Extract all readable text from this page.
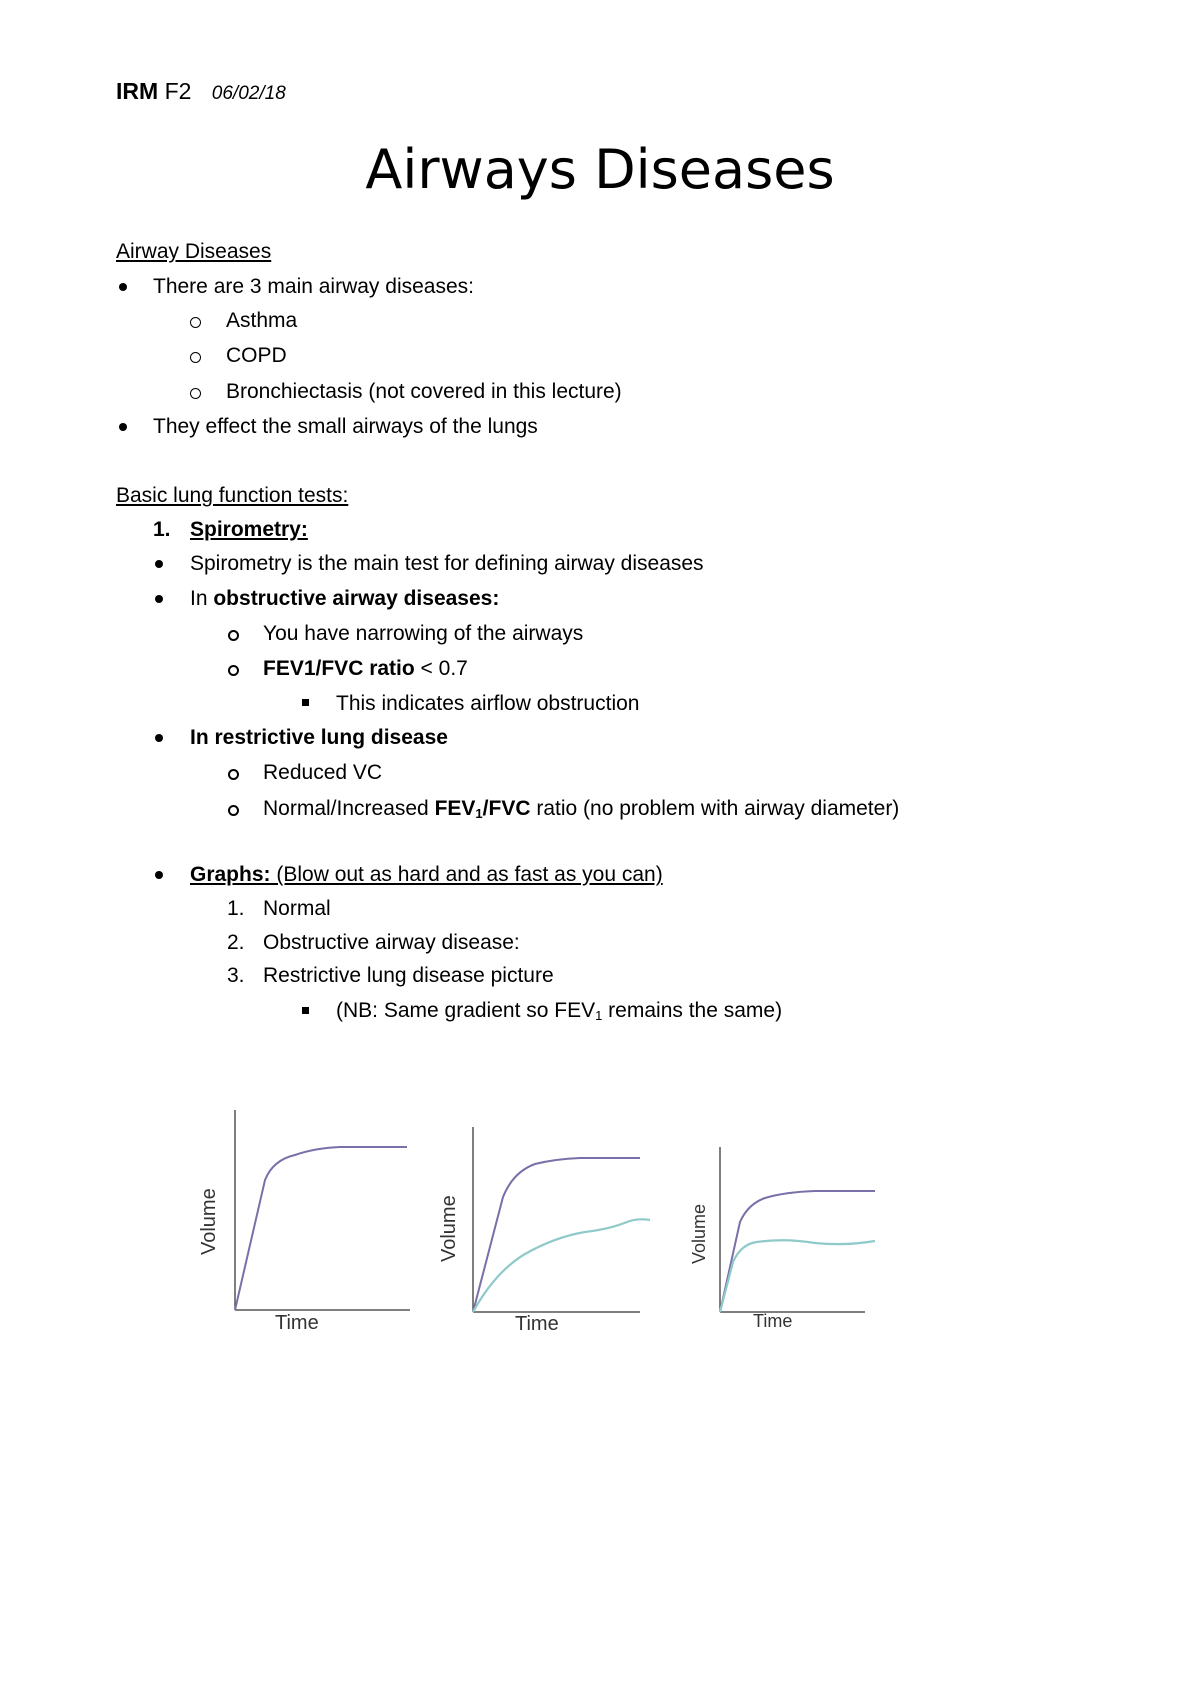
IRM F2 06/02/18
Airways Diseases
Airway Diseases
There are 3 main airway diseases:
Asthma
COPD
Bronchiectasis (not covered in this lecture)
They effect the small airways of the lungs
Basic lung function tests:
1. Spirometry:
Spirometry is the main test for defining airway diseases
In obstructive airway diseases:
You have narrowing of the airways
FEV1/FVC ratio < 0.7
This indicates airflow obstruction
In restrictive lung disease
Reduced VC
Normal/Increased $FEV_1$/FVC ratio (no problem with airway diameter)
Graphs: (Blow out as hard and as fast as you can)
1. Normal
2. Obstructive airway disease:
3. Restrictive lung disease picture
(NB: Same gradient so $FEV_1$ remains the same)
Time
Volume
Time
Volume
Time
Volume
